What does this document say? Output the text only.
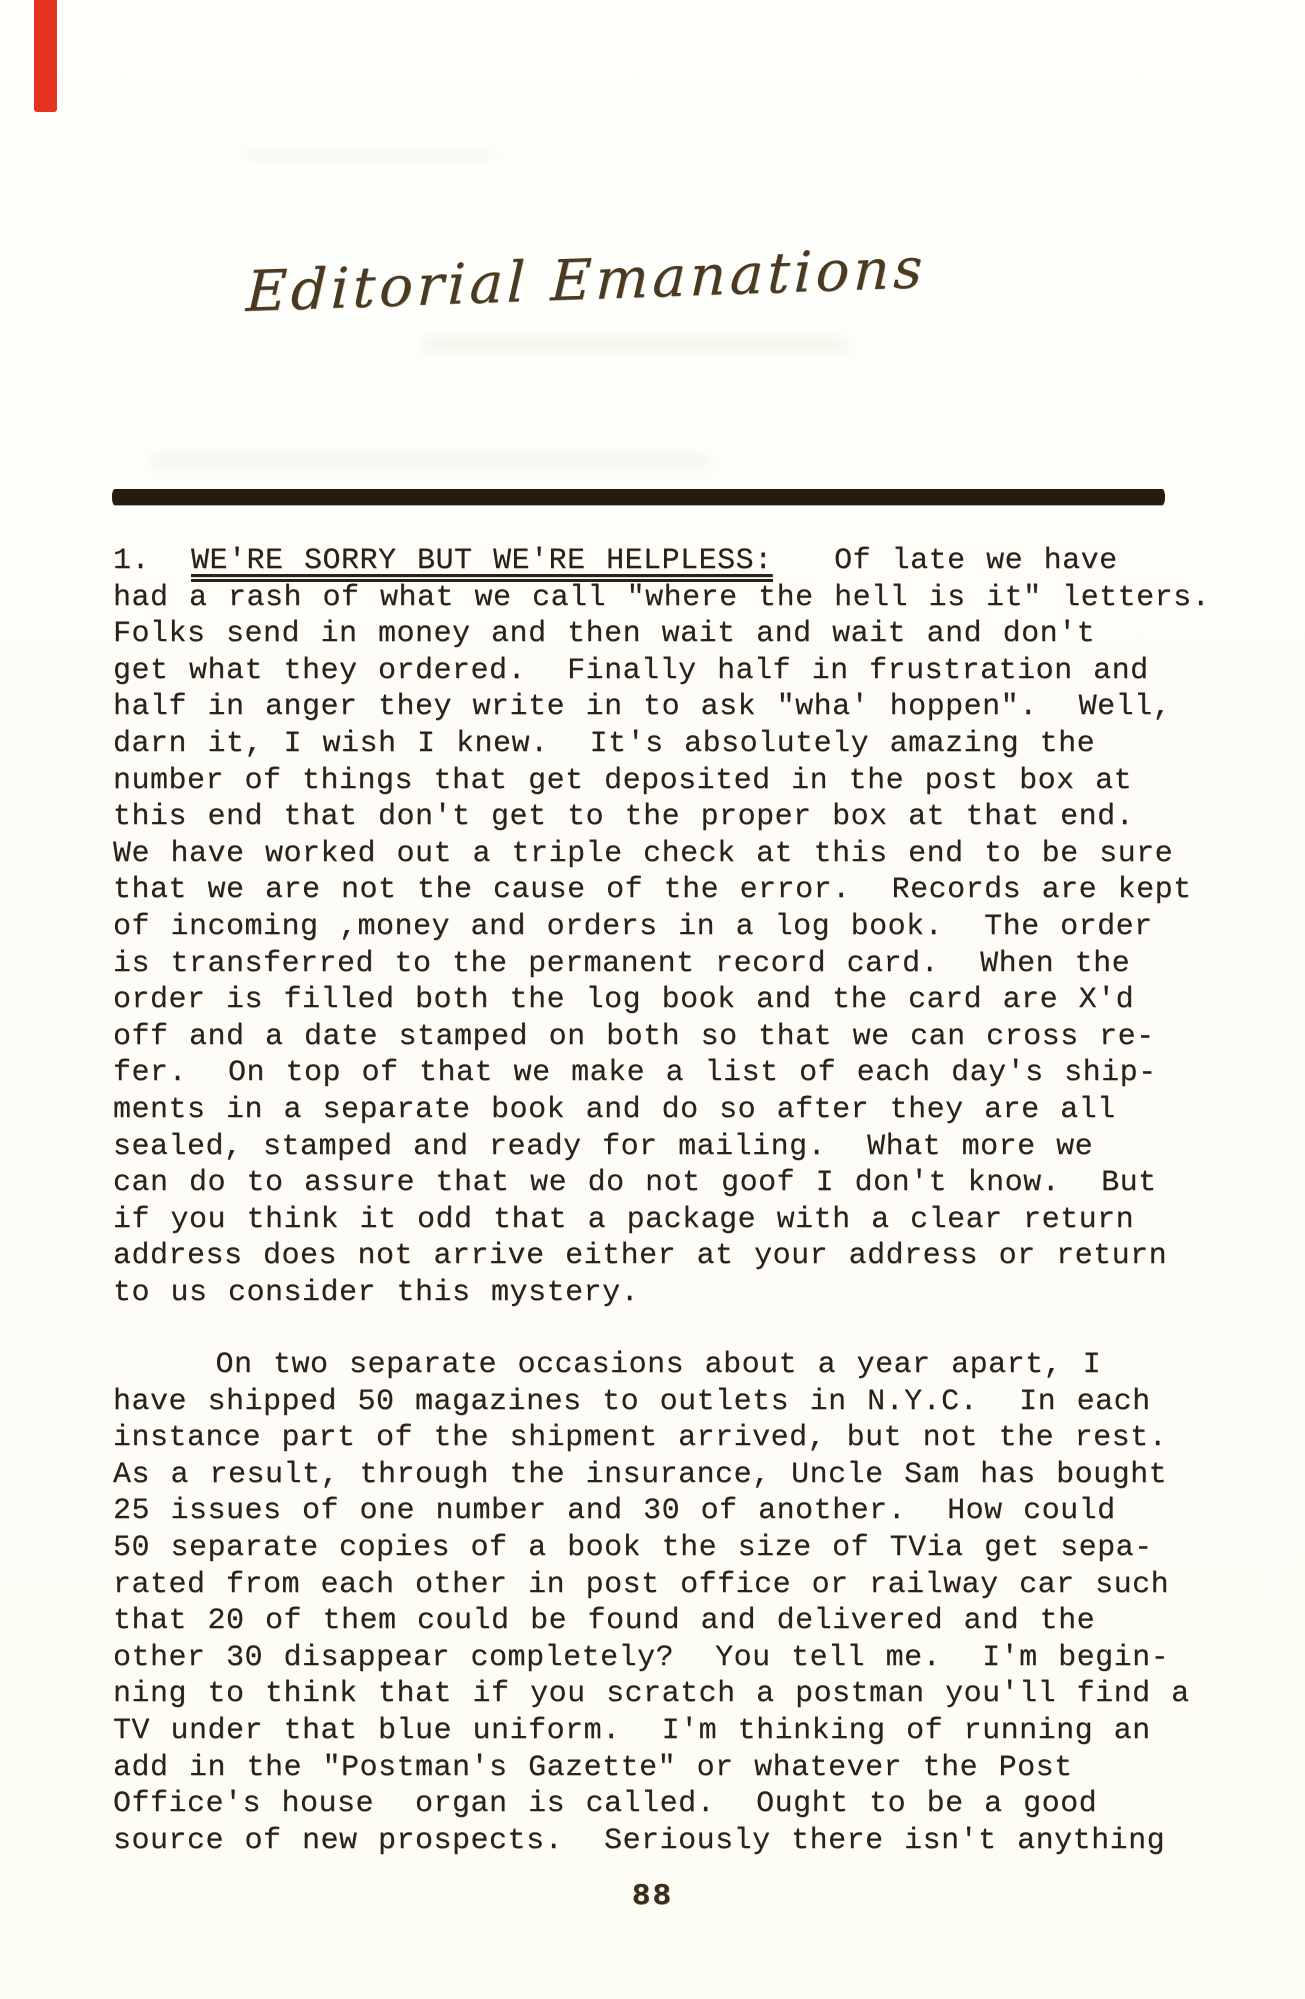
Editorial Emanations
1.  WE'RE SORRY BUT WE'RE HELPLESS:   Of late we have
had a rash of what we call "where the hell is it" letters.
Folks send in money and then wait and wait and don't
get what they ordered.  Finally half in frustration and
half in anger they write in to ask "wha' hoppen".  Well,
darn it, I wish I knew.  It's absolutely amazing the
number of things that get deposited in the post box at
this end that don't get to the proper box at that end.
We have worked out a triple check at this end to be sure
that we are not the cause of the error.  Records are kept
of incoming ,money and orders in a log book.  The order
is transferred to the permanent record card.  When the
order is filled both the log book and the card are X'd
off and a date stamped on both so that we can cross re-
fer.  On top of that we make a list of each day's ship-
ments in a separate book and do so after they are all
sealed, stamped and ready for mailing.  What more we
can do to assure that we do not goof I don't know.  But
if you think it odd that a package with a clear return
address does not arrive either at your address or return
to us consider this mystery.
On two separate occasions about a year apart, I
have shipped 50 magazines to outlets in N.Y.C.  In each
instance part of the shipment arrived, but not the rest.
As a result, through the insurance, Uncle Sam has bought
25 issues of one number and 30 of another.  How could
50 separate copies of a book the size of TVia get sepa-
rated from each other in post office or railway car such
that 20 of them could be found and delivered and the
other 30 disappear completely?  You tell me.  I'm begin-
ning to think that if you scratch a postman you'll find a
TV under that blue uniform.  I'm thinking of running an
add in the "Postman's Gazette" or whatever the Post
Office's house  organ is called.  Ought to be a good
source of new prospects.  Seriously there isn't anything
88
